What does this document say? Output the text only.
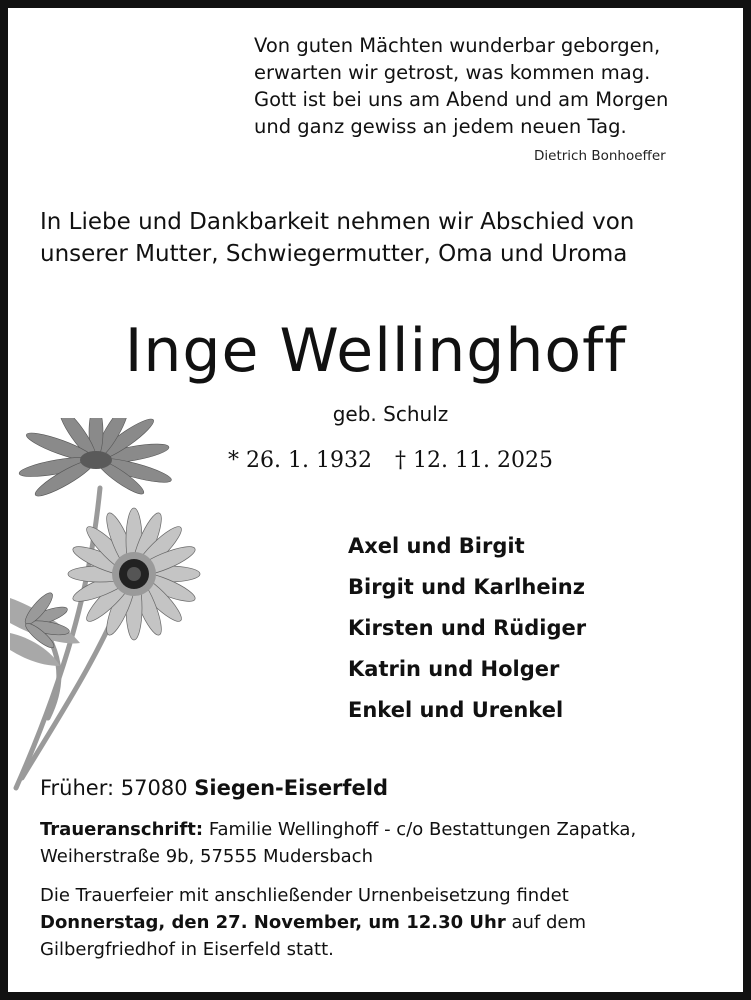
Von guten Mächten wunderbar geborgen,
erwarten wir getrost, was kommen mag.
Gott ist bei uns am Abend und am Morgen
und ganz gewiss an jedem neuen Tag.
Dietrich Bonhoeffer
In Liebe und Dankbarkeit nehmen wir Abschied von
unserer Mutter, Schwiegermutter, Oma und Uroma
Inge Wellinghoff
geb. Schulz
* 26. 1. 1932 † 12. 11. 2025
Axel und Birgit
Birgit und Karlheinz
Kirsten und Rüdiger
Katrin und Holger
Enkel und Urenkel
Früher: 57080 Siegen-Eiserfeld
Traueranschrift: Familie Wellinghoff - c/o Bestattungen Zapatka,
Weiherstraße 9b, 57555 Mudersbach
Die Trauerfeier mit anschließender Urnenbeisetzung findet
Donnerstag, den 27. November, um 12.30 Uhr auf dem
Gilbergfriedhof in Eiserfeld statt.
